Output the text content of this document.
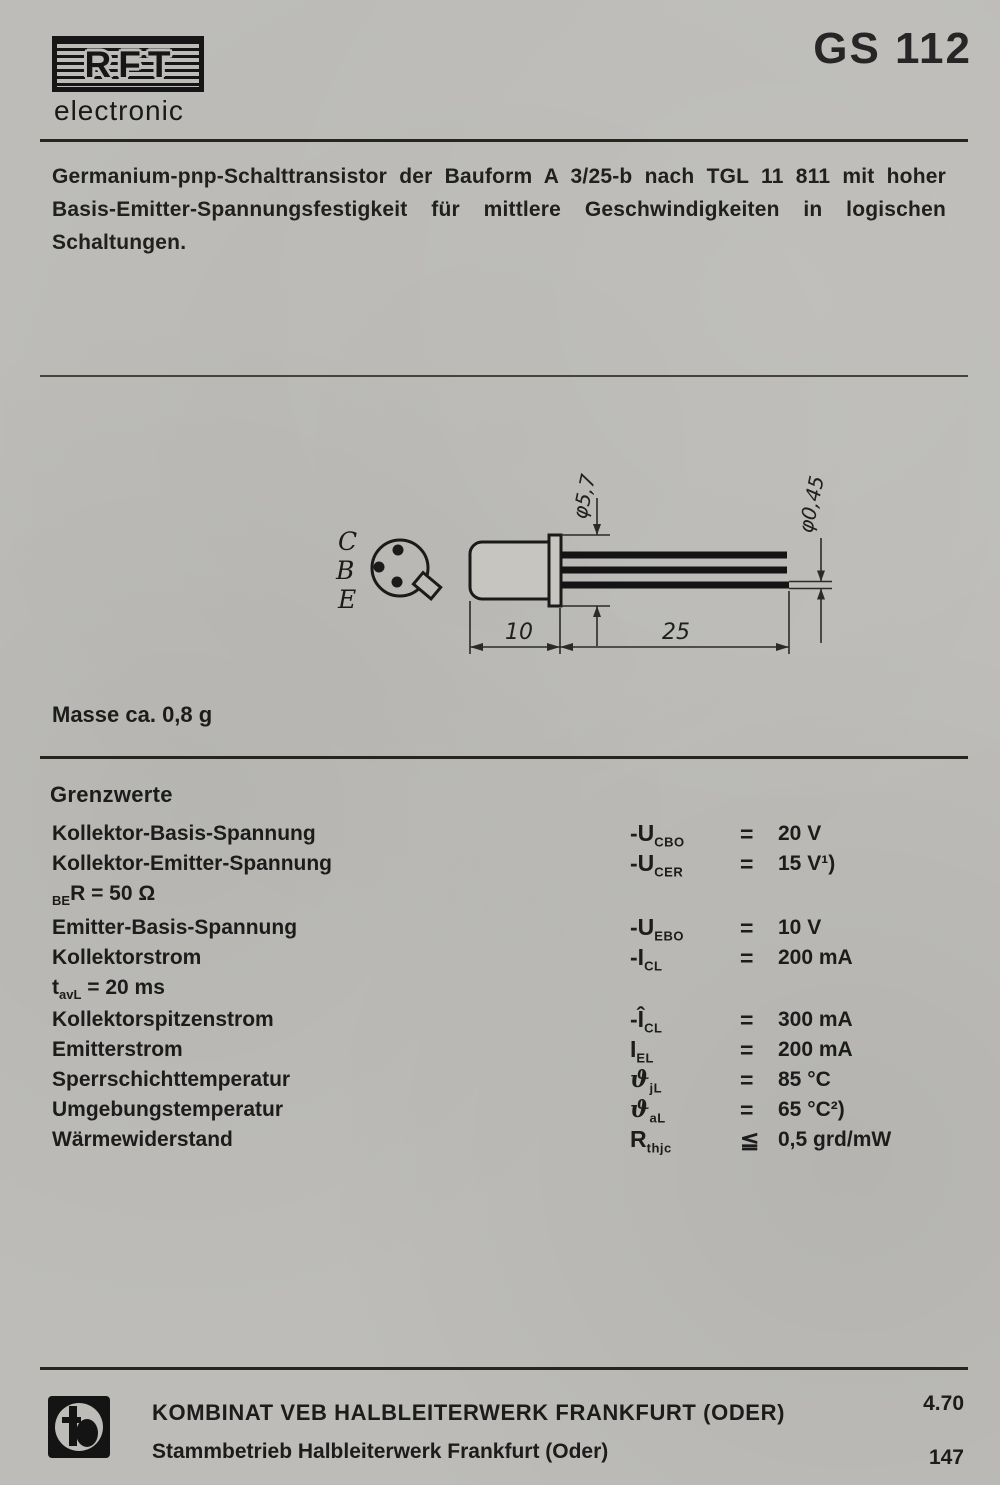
RFT
electronic
GS 112
Germanium-pnp-Schalttransistor der Bauform A 3/25-b nach TGL 11 811 mit hoher Basis-Emitter-Spannungsfestigkeit für mittlere Geschwindigkeiten in logischen Schaltungen.
C
B
E
φ5,7	φ0,45
10	25
Masse ca. 0,8 g
Grenzwerte
Kollektor-Basis-Spannung	$-U_{CBO} = 20$ V
Kollektor-Emitter-Spannung	$-U_{CER} = 15$ V¹)
$_{BE}$R = 50 Ω
Emitter-Basis-Spannung	$-U_{EBO} = 10$ V
Kollektorstrom	$-I_{CL}$	= 200 mA
$t_{avL} = 20$ ms
Kollektorspitzenstrom	$-Î_{CL}$	= 300 mA
Emitterstrom	$I_{EL}$	= 200 mA
Sperrschichttemperatur	$ϑ_{jL}$	= 85 °C
Umgebungstemperatur	$ϑ_{aL}$	= 65 °C²)
Wärmewiderstand	$R_{thjc}$	≦ 0,5 grd/mW
KOMBINAT VEB HALBLEITERWERK FRANKFURT (ODER)
Stammbetrieb Halbleiterwerk Frankfurt (Oder)
4.70
147
